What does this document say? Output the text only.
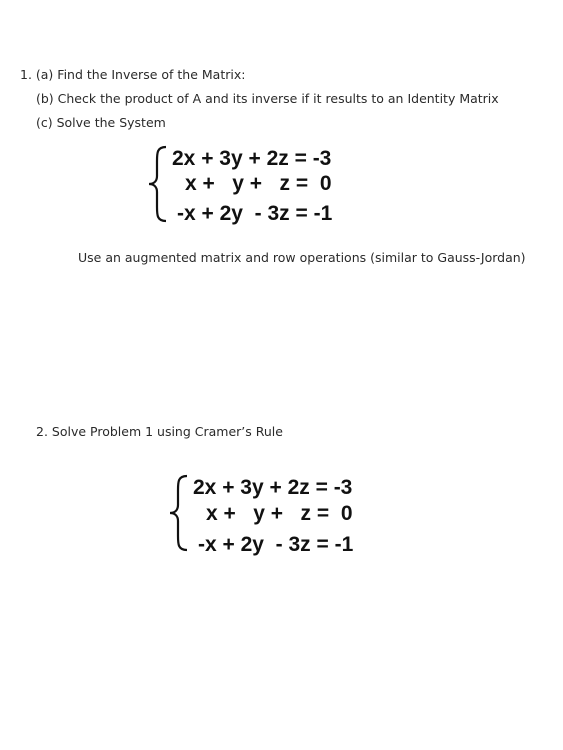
1. (a) Find the Inverse of the Matrix:
(b) Check the product of A and its inverse if it results to an Identity Matrix
(c) Solve the System
2x + 3y + 2z = -3
x +   y +   z =  0
-x + 2y  - 3z = -1
Use an augmented matrix and row operations (similar to Gauss-Jordan)
2. Solve Problem 1 using Cramer’s Rule
2x + 3y + 2z = -3
x +   y +   z =  0
-x + 2y  - 3z = -1
